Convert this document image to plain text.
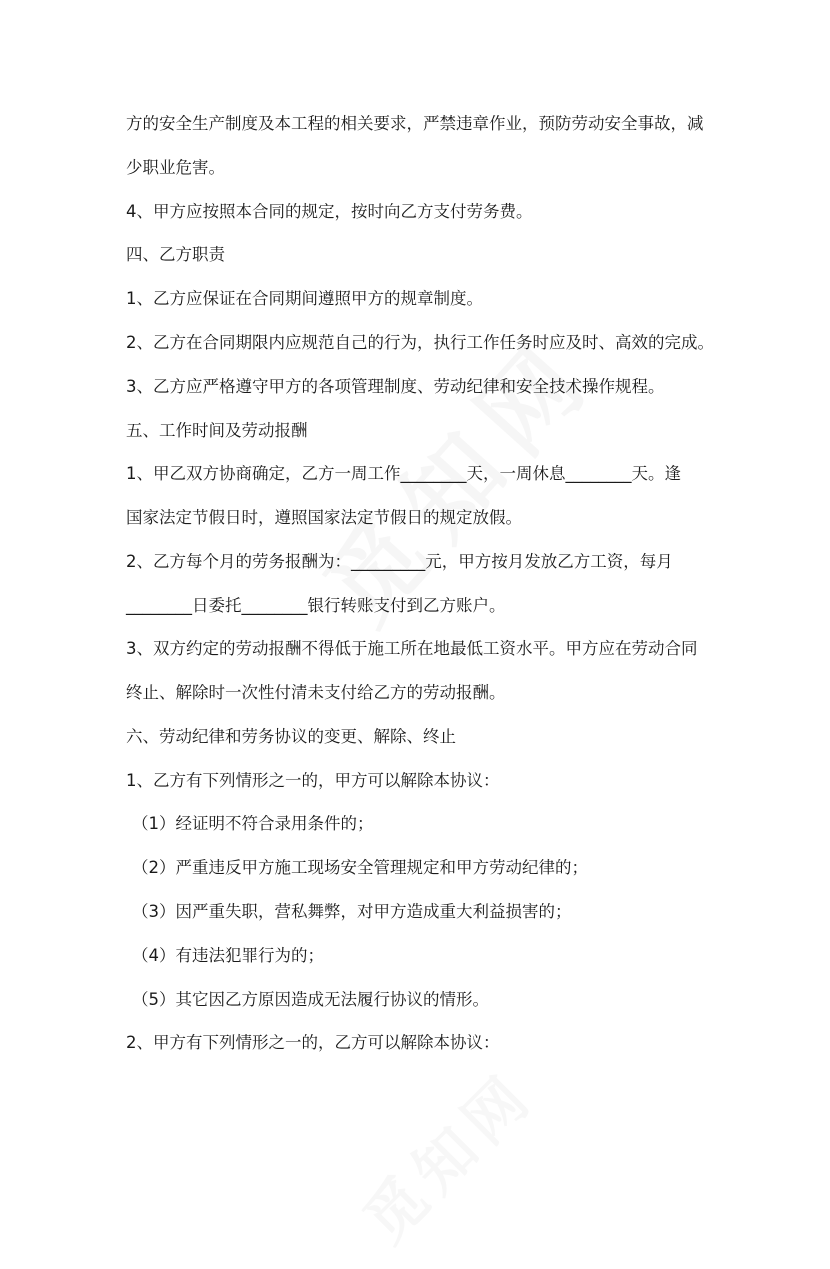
方的安全生产制度及本工程的相关要求，严禁违章作业，预防劳动安全事故，减
少职业危害。
4、甲方应按照本合同的规定，按时向乙方支付劳务费。
四、乙方职责
1、乙方应保证在合同期间遵照甲方的规章制度。
2、乙方在合同期限内应规范自己的行为，执行工作任务时应及时、高效的完成。
3、乙方应严格遵守甲方的各项管理制度、劳动纪律和安全技术操作规程。
五、工作时间及劳动报酬
1、甲乙双方协商确定，乙方一周工作________天，一周休息________天。逢
国家法定节假日时，遵照国家法定节假日的规定放假。
2、乙方每个月的劳务报酬为：_________元，甲方按月发放乙方工资，每月
________日委托________银行转账支付到乙方账户。
3、双方约定的劳动报酬不得低于施工所在地最低工资水平。甲方应在劳动合同
终止、解除时一次性付清未支付给乙方的劳动报酬。
六、劳动纪律和劳务协议的变更、解除、终止
1、乙方有下列情形之一的，甲方可以解除本协议：
（1）经证明不符合录用条件的；
（2）严重违反甲方施工现场安全管理规定和甲方劳动纪律的；
（3）因严重失职，营私舞弊，对甲方造成重大利益损害的；
（4）有违法犯罪行为的；
（5）其它因乙方原因造成无法履行协议的情形。
2、甲方有下列情形之一的，乙方可以解除本协议：
